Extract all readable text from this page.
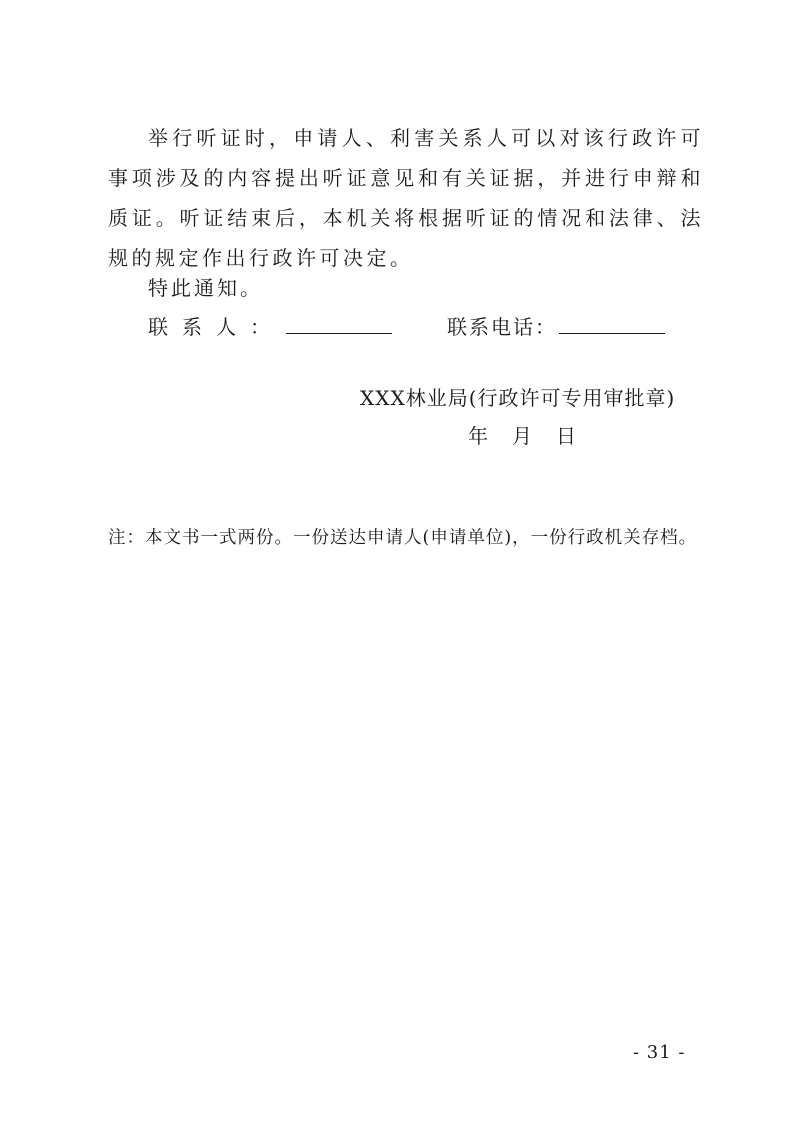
举行听证时，申请人、利害关系人可以对该行政许可事项涉及的内容提出听证意见和有关证据，并进行申辩和质证。听证结束后，本机关将根据听证的情况和法律、法规的规定作出行政许可决定。

特此通知。
联系人：	联系电话：
XXX林业局(行政许可专用审批章)
年 月 日
注：本文书一式两份。一份送达申请人(申请单位)，一份行政机关存档。
- 31 -
